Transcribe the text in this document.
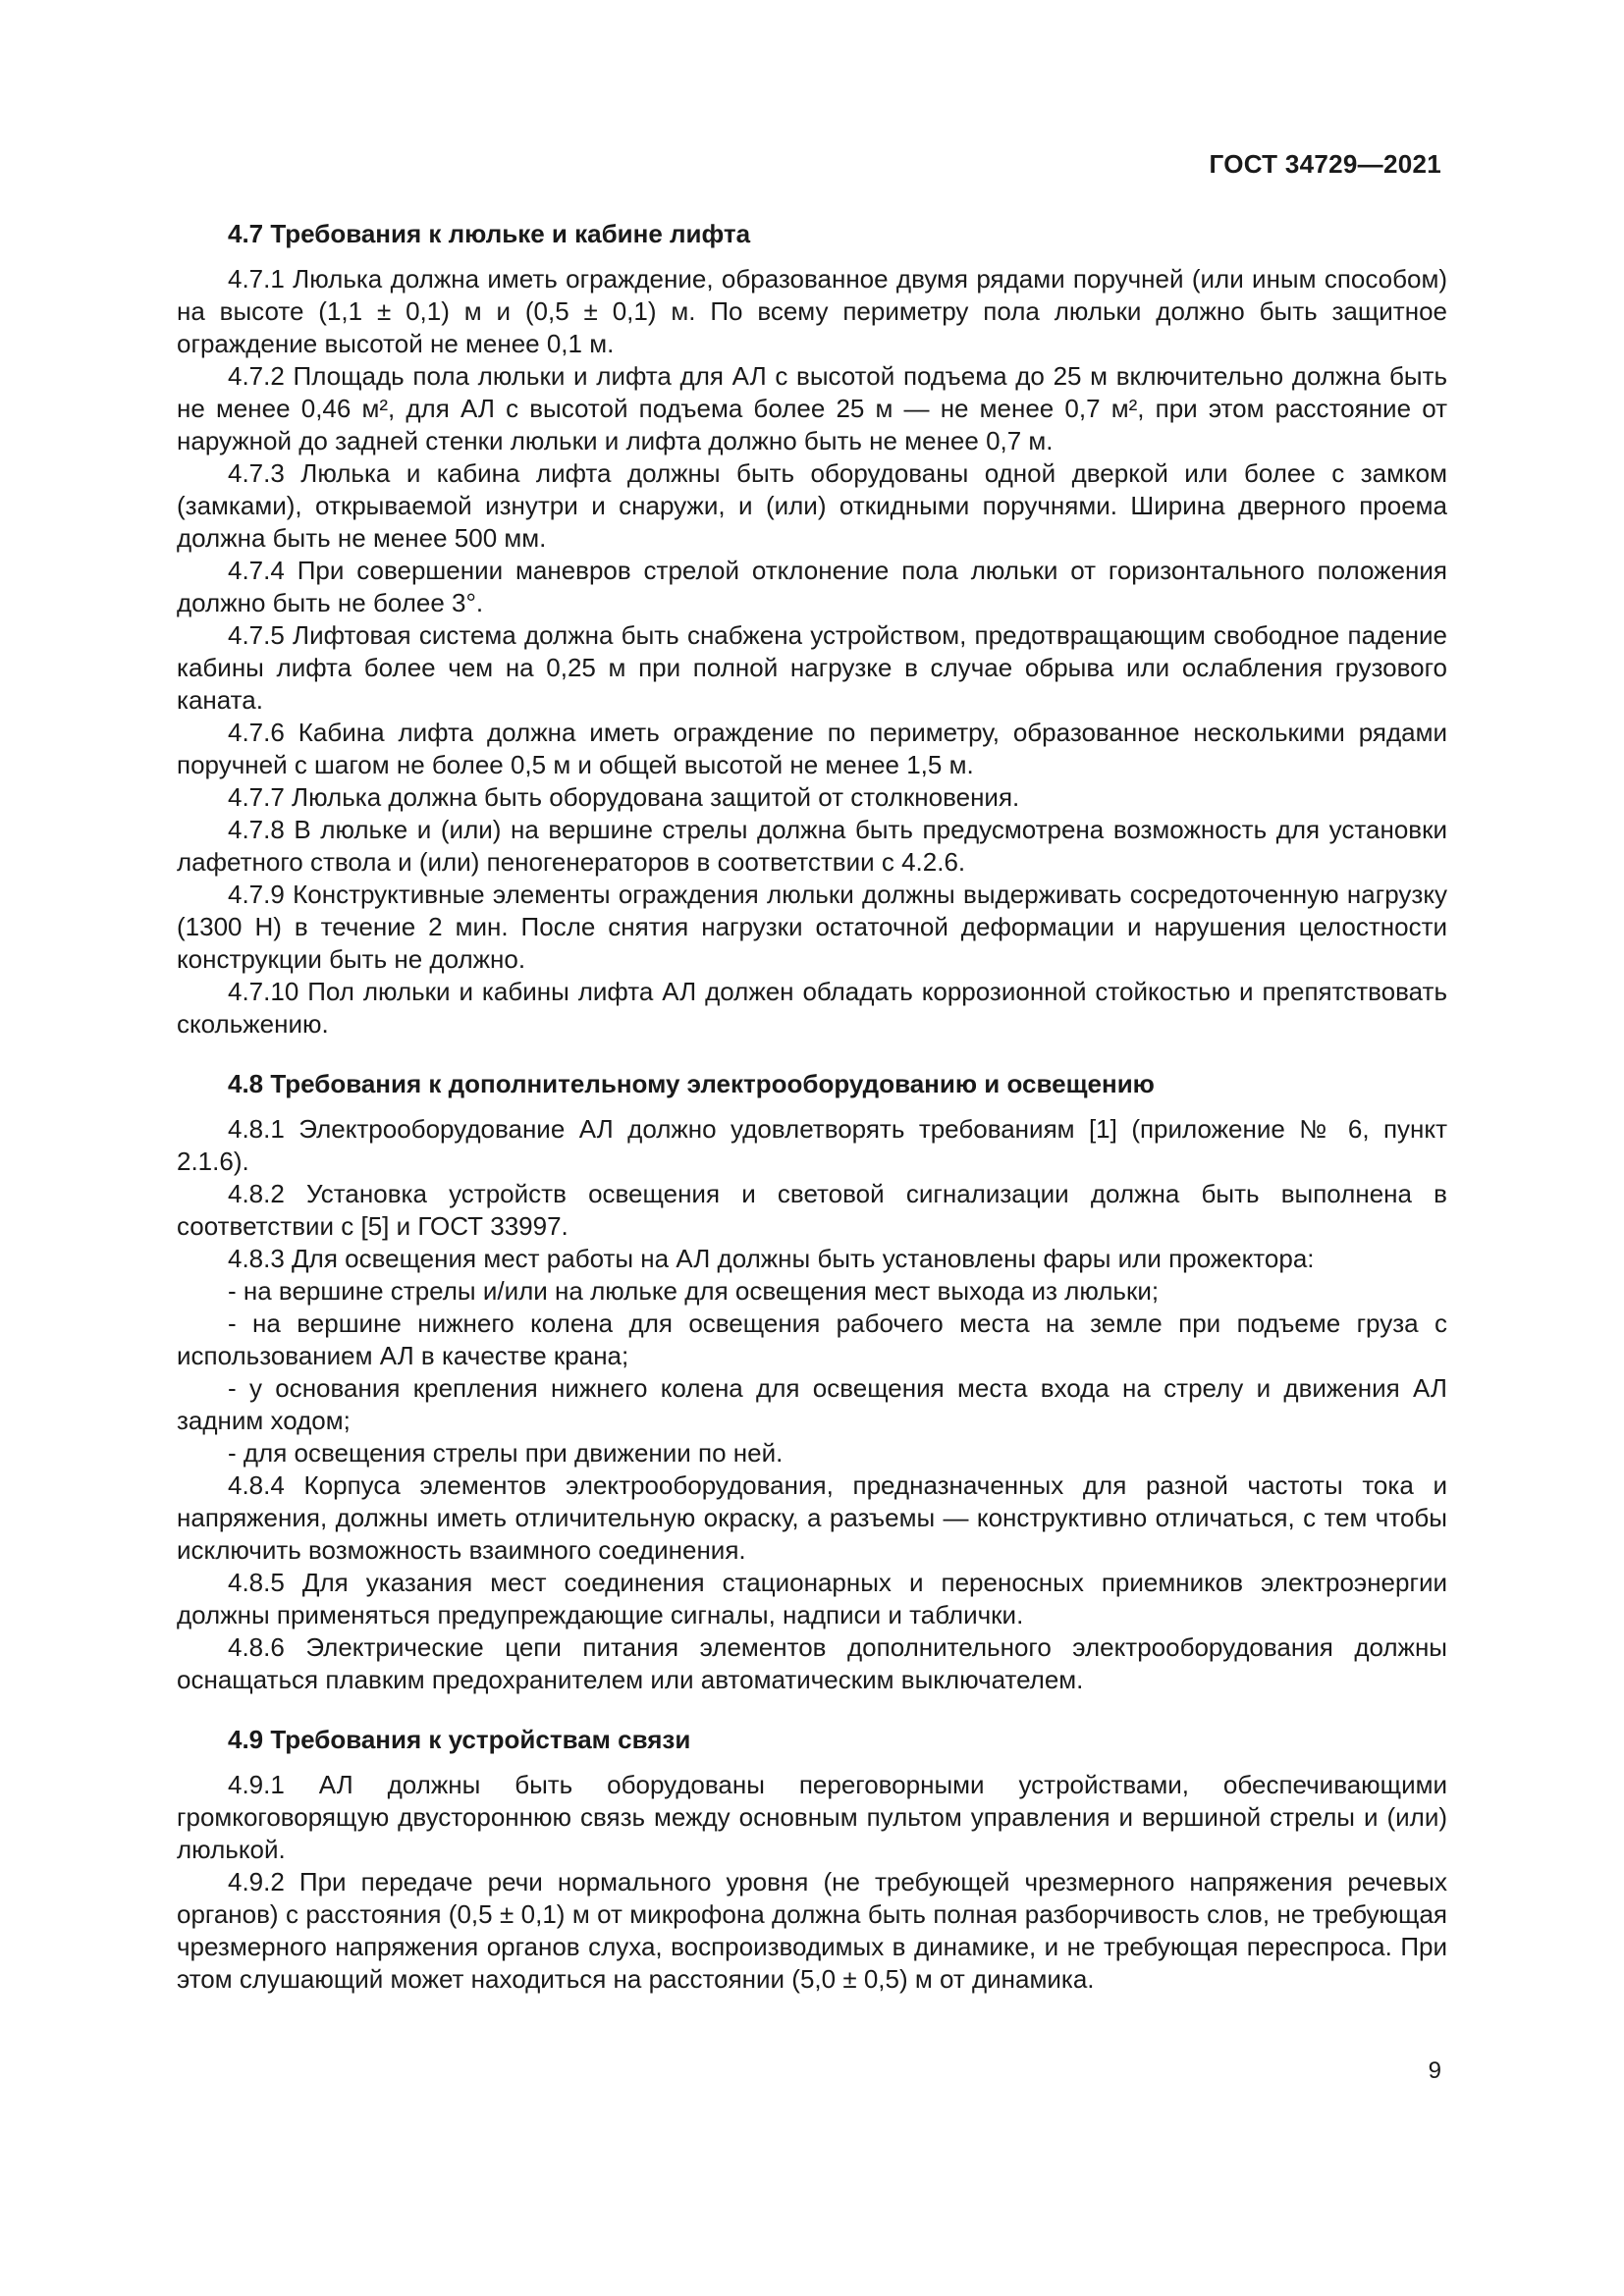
ГОСТ 34729—2021
4.7 Требования к люльке и кабине лифта

4.7.1 Люлька должна иметь ограждение, образованное двумя рядами поручней (или иным способом) на высоте (1,1 ± 0,1) м и (0,5 ± 0,1) м. По всему периметру пола люльки должно быть защитное ограждение высотой не менее 0,1 м.

4.7.2 Площадь пола люльки и лифта для АЛ с высотой подъема до 25 м включительно должна быть не менее 0,46 м², для АЛ с высотой подъема более 25 м — не менее 0,7 м², при этом расстояние от наружной до задней стенки люльки и лифта должно быть не менее 0,7 м.

4.7.3 Люлька и кабина лифта должны быть оборудованы одной дверкой или более с замком (замками), открываемой изнутри и снаружи, и (или) откидными поручнями. Ширина дверного проема должна быть не менее 500 мм.

4.7.4 При совершении маневров стрелой отклонение пола люльки от горизонтального положения должно быть не более 3°.

4.7.5 Лифтовая система должна быть снабжена устройством, предотвращающим свободное падение кабины лифта более чем на 0,25 м при полной нагрузке в случае обрыва или ослабления грузового каната.

4.7.6 Кабина лифта должна иметь ограждение по периметру, образованное несколькими рядами поручней с шагом не более 0,5 м и общей высотой не менее 1,5 м.

4.7.7 Люлька должна быть оборудована защитой от столкновения.

4.7.8 В люльке и (или) на вершине стрелы должна быть предусмотрена возможность для установки лафетного ствола и (или) пеногенераторов в соответствии с 4.2.6.

4.7.9 Конструктивные элементы ограждения люльки должны выдерживать сосредоточенную нагрузку (1300 Н) в течение 2 мин. После снятия нагрузки остаточной деформации и нарушения целостности конструкции быть не должно.

4.7.10 Пол люльки и кабины лифта АЛ должен обладать коррозионной стойкостью и препятствовать скольжению.

4.8 Требования к дополнительному электрооборудованию и освещению

4.8.1 Электрооборудование АЛ должно удовлетворять требованиям [1] (приложение № 6, пункт 2.1.6).

4.8.2 Установка устройств освещения и световой сигнализации должна быть выполнена в соответствии с [5] и ГОСТ 33997.

4.8.3 Для освещения мест работы на АЛ должны быть установлены фары или прожектора:

- на вершине стрелы и/или на люльке для освещения мест выхода из люльки;

- на вершине нижнего колена для освещения рабочего места на земле при подъеме груза с использованием АЛ в качестве крана;

- у основания крепления нижнего колена для освещения места входа на стрелу и движения АЛ задним ходом;

- для освещения стрелы при движении по ней.

4.8.4 Корпуса элементов электрооборудования, предназначенных для разной частоты тока и напряжения, должны иметь отличительную окраску, а разъемы — конструктивно отличаться, с тем чтобы исключить возможность взаимного соединения.

4.8.5 Для указания мест соединения стационарных и переносных приемников электроэнергии должны применяться предупреждающие сигналы, надписи и таблички.

4.8.6 Электрические цепи питания элементов дополнительного электрооборудования должны оснащаться плавким предохранителем или автоматическим выключателем.

4.9 Требования к устройствам связи

4.9.1 АЛ должны быть оборудованы переговорными устройствами, обеспечивающими громкоговорящую двустороннюю связь между основным пультом управления и вершиной стрелы и (или) люлькой.

4.9.2 При передаче речи нормального уровня (не требующей чрезмерного напряжения речевых органов) с расстояния (0,5 ± 0,1) м от микрофона должна быть полная разборчивость слов, не требующая чрезмерного напряжения органов слуха, воспроизводимых в динамике, и не требующая переспроса. При этом слушающий может находиться на расстоянии (5,0 ± 0,5) м от динамика.

9
